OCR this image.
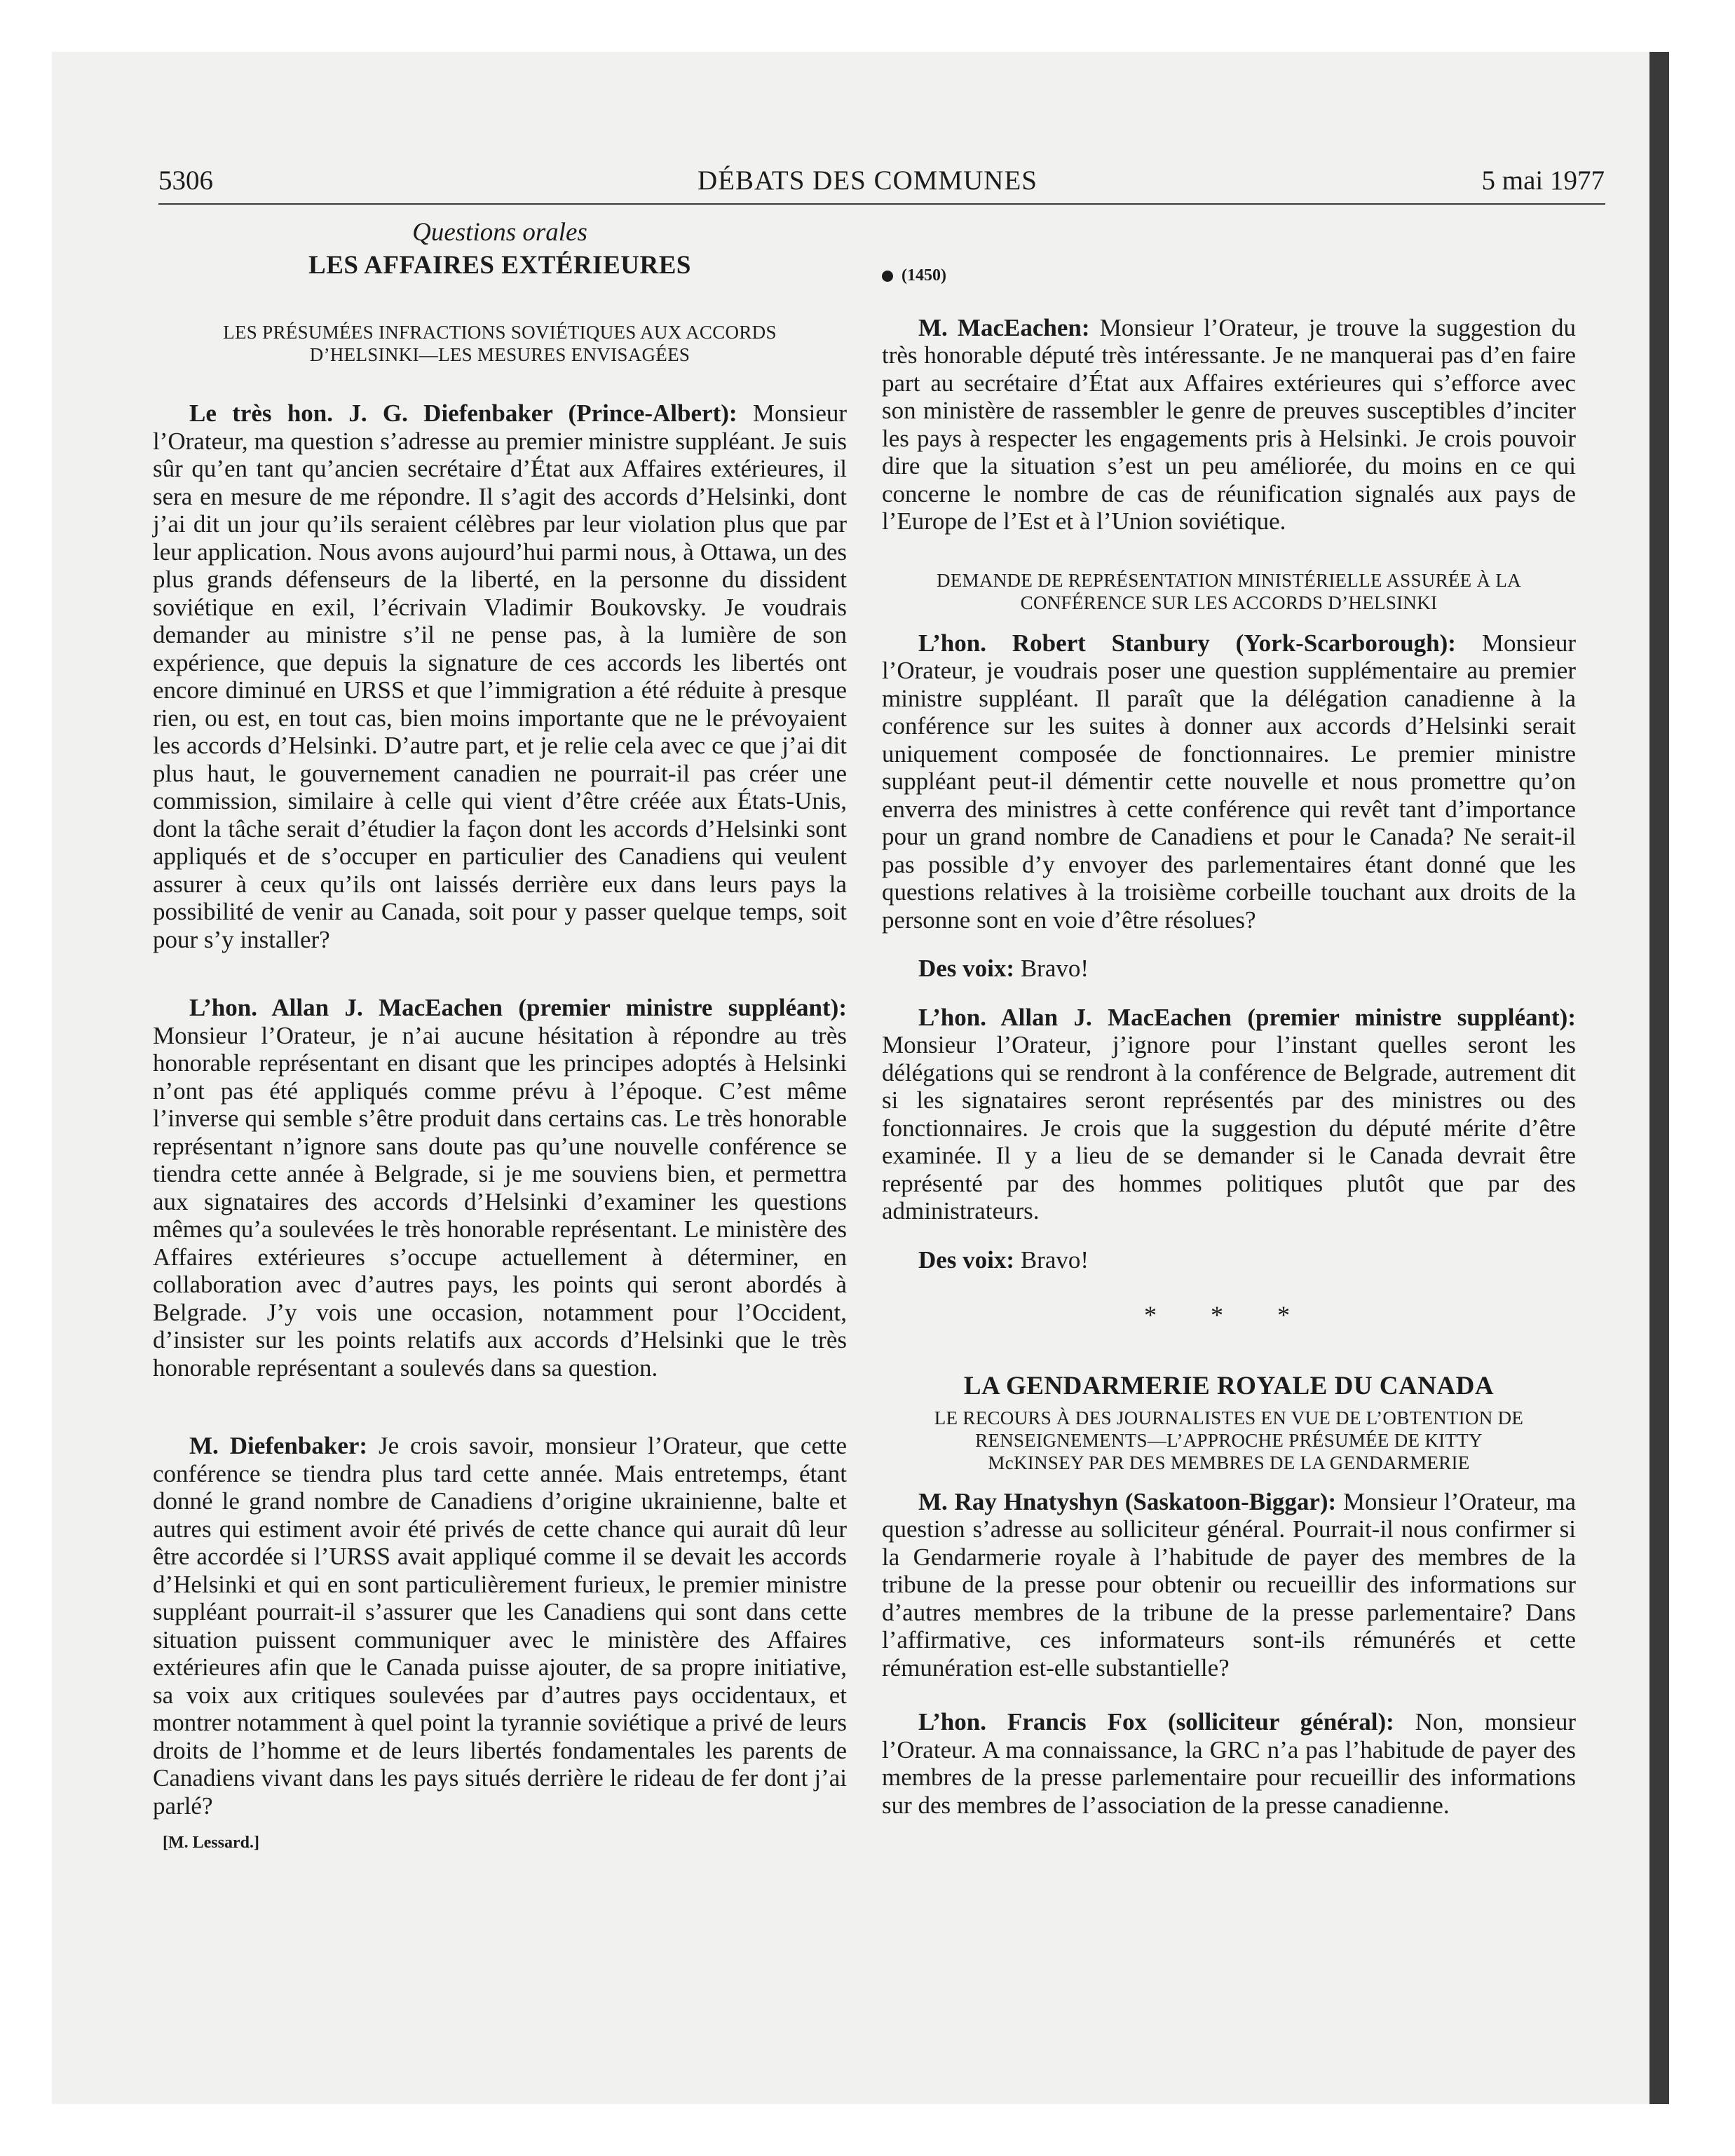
5306	DÉBATS DES COMMUNES	5 mai 1977

Questions orales

LES AFFAIRES EXTÉRIEURES

LES PRÉSUMÉES INFRACTIONS SOVIÉTIQUES AUX ACCORDS

D’HELSINKI—LES MESURES ENVISAGÉES

Le très hon. J. G. Diefenbaker (Prince-Albert): Monsieur l’Orateur, ma question s’adresse au premier ministre suppléant. Je suis sûr qu’en tant qu’ancien secrétaire d’État aux Affaires extérieures, il sera en mesure de me répondre. Il s’agit des accords d’Helsinki, dont j’ai dit un jour qu’ils seraient célèbres par leur violation plus que par leur application. Nous avons aujourd’hui parmi nous, à Ottawa, un des plus grands défenseurs de la liberté, en la personne du dissident soviétique en exil, l’écrivain Vladimir Boukovsky. Je voudrais demander au ministre s’il ne pense pas, à la lumière de son expérience, que depuis la signature de ces accords les libertés ont encore diminué en URSS et que l’immigration a été réduite à presque rien, ou est, en tout cas, bien moins importante que ne le prévoyaient les accords d’Helsinki. D’autre part, et je relie cela avec ce que j’ai dit plus haut, le gouvernement canadien ne pourrait-il pas créer une commission, similaire à celle qui vient d’être créée aux États-Unis, dont la tâche serait d’étudier la façon dont les accords d’Helsinki sont appliqués et de s’occuper en particulier des Canadiens qui veulent assurer à ceux qu’ils ont laissés derrière eux dans leurs pays la possibilité de venir au Canada, soit pour y passer quelque temps, soit pour s’y installer?

L’hon. Allan J. MacEachen (premier ministre suppléant): Monsieur l’Orateur, je n’ai aucune hésitation à répondre au très honorable représentant en disant que les principes adoptés à Helsinki n’ont pas été appliqués comme prévu à l’époque. C’est même l’inverse qui semble s’être produit dans certains cas. Le très honorable représentant n’ignore sans doute pas qu’une nouvelle conférence se tiendra cette année à Belgrade, si je me souviens bien, et permettra aux signataires des accords d’Helsinki d’examiner les questions mêmes qu’a soulevées le très honorable représentant. Le ministère des Affaires extérieures s’occupe actuellement à déterminer, en collaboration avec d’autres pays, les points qui seront abordés à Belgrade. J’y vois une occasion, notamment pour l’Occident, d’insister sur les points relatifs aux accords d’Helsinki que le très honorable représentant a soulevés dans sa question.

M. Diefenbaker: Je crois savoir, monsieur l’Orateur, que cette conférence se tiendra plus tard cette année. Mais entretemps, étant donné le grand nombre de Canadiens d’origine ukrainienne, balte et autres qui estiment avoir été privés de cette chance qui aurait dû leur être accordée si l’URSS avait appliqué comme il se devait les accords d’Helsinki et qui en sont particulièrement furieux, le premier ministre suppléant pourrait-il s’assurer que les Canadiens qui sont dans cette situation puissent communiquer avec le ministère des Affaires extérieures afin que le Canada puisse ajouter, de sa propre initiative, sa voix aux critiques soulevées par d’autres pays occidentaux, et montrer notamment à quel point la tyrannie soviétique a privé de leurs droits de l’homme et de leurs libertés fondamentales les parents de Canadiens vivant dans les pays situés derrière le rideau de fer dont j’ai parlé?

[M. Lessard.]

(1450)

M. MacEachen: Monsieur l’Orateur, je trouve la suggestion du très honorable député très intéressante. Je ne manquerai pas d’en faire part au secrétaire d’État aux Affaires extérieures qui s’efforce avec son ministère de rassembler le genre de preuves susceptibles d’inciter les pays à respecter les engagements pris à Helsinki. Je crois pouvoir dire que la situation s’est un peu améliorée, du moins en ce qui concerne le nombre de cas de réunification signalés aux pays de l’Europe de l’Est et à l’Union soviétique.

DEMANDE DE REPRÉSENTATION MINISTÉRIELLE ASSURÉE À LA

CONFÉRENCE SUR LES ACCORDS D’HELSINKI

L’hon. Robert Stanbury (York-Scarborough): Monsieur l’Orateur, je voudrais poser une question supplémentaire au premier ministre suppléant. Il paraît que la délégation canadienne à la conférence sur les suites à donner aux accords d’Helsinki serait uniquement composée de fonctionnaires. Le premier ministre suppléant peut-il démentir cette nouvelle et nous promettre qu’on enverra des ministres à cette conférence qui revêt tant d’importance pour un grand nombre de Canadiens et pour le Canada? Ne serait-il pas possible d’y envoyer des parlementaires étant donné que les questions relatives à la troisième corbeille touchant aux droits de la personne sont en voie d’être résolues?

Des voix: Bravo!

L’hon. Allan J. MacEachen (premier ministre suppléant): Monsieur l’Orateur, j’ignore pour l’instant quelles seront les délégations qui se rendront à la conférence de Belgrade, autrement dit si les signataires seront représentés par des ministres ou des fonctionnaires. Je crois que la suggestion du député mérite d’être examinée. Il y a lieu de se demander si le Canada devrait être représenté par des hommes politiques plutôt que par des administrateurs.

Des voix: Bravo!

* * *

LA GENDARMERIE ROYALE DU CANADA

LE RECOURS À DES JOURNALISTES EN VUE DE L’OBTENTION DE

RENSEIGNEMENTS—L’APPROCHE PRÉSUMÉE DE KITTY

McKINSEY PAR DES MEMBRES DE LA GENDARMERIE

M. Ray Hnatyshyn (Saskatoon-Biggar): Monsieur l’Orateur, ma question s’adresse au solliciteur général. Pourrait-il nous confirmer si la Gendarmerie royale à l’habitude de payer des membres de la tribune de la presse pour obtenir ou recueillir des informations sur d’autres membres de la tribune de la presse parlementaire? Dans l’affirmative, ces informateurs sont-ils rémunérés et cette rémunération est-elle substantielle?

L’hon. Francis Fox (solliciteur général): Non, monsieur l’Orateur. A ma connaissance, la GRC n’a pas l’habitude de payer des membres de la presse parlementaire pour recueillir des informations sur des membres de l’association de la presse canadienne.
